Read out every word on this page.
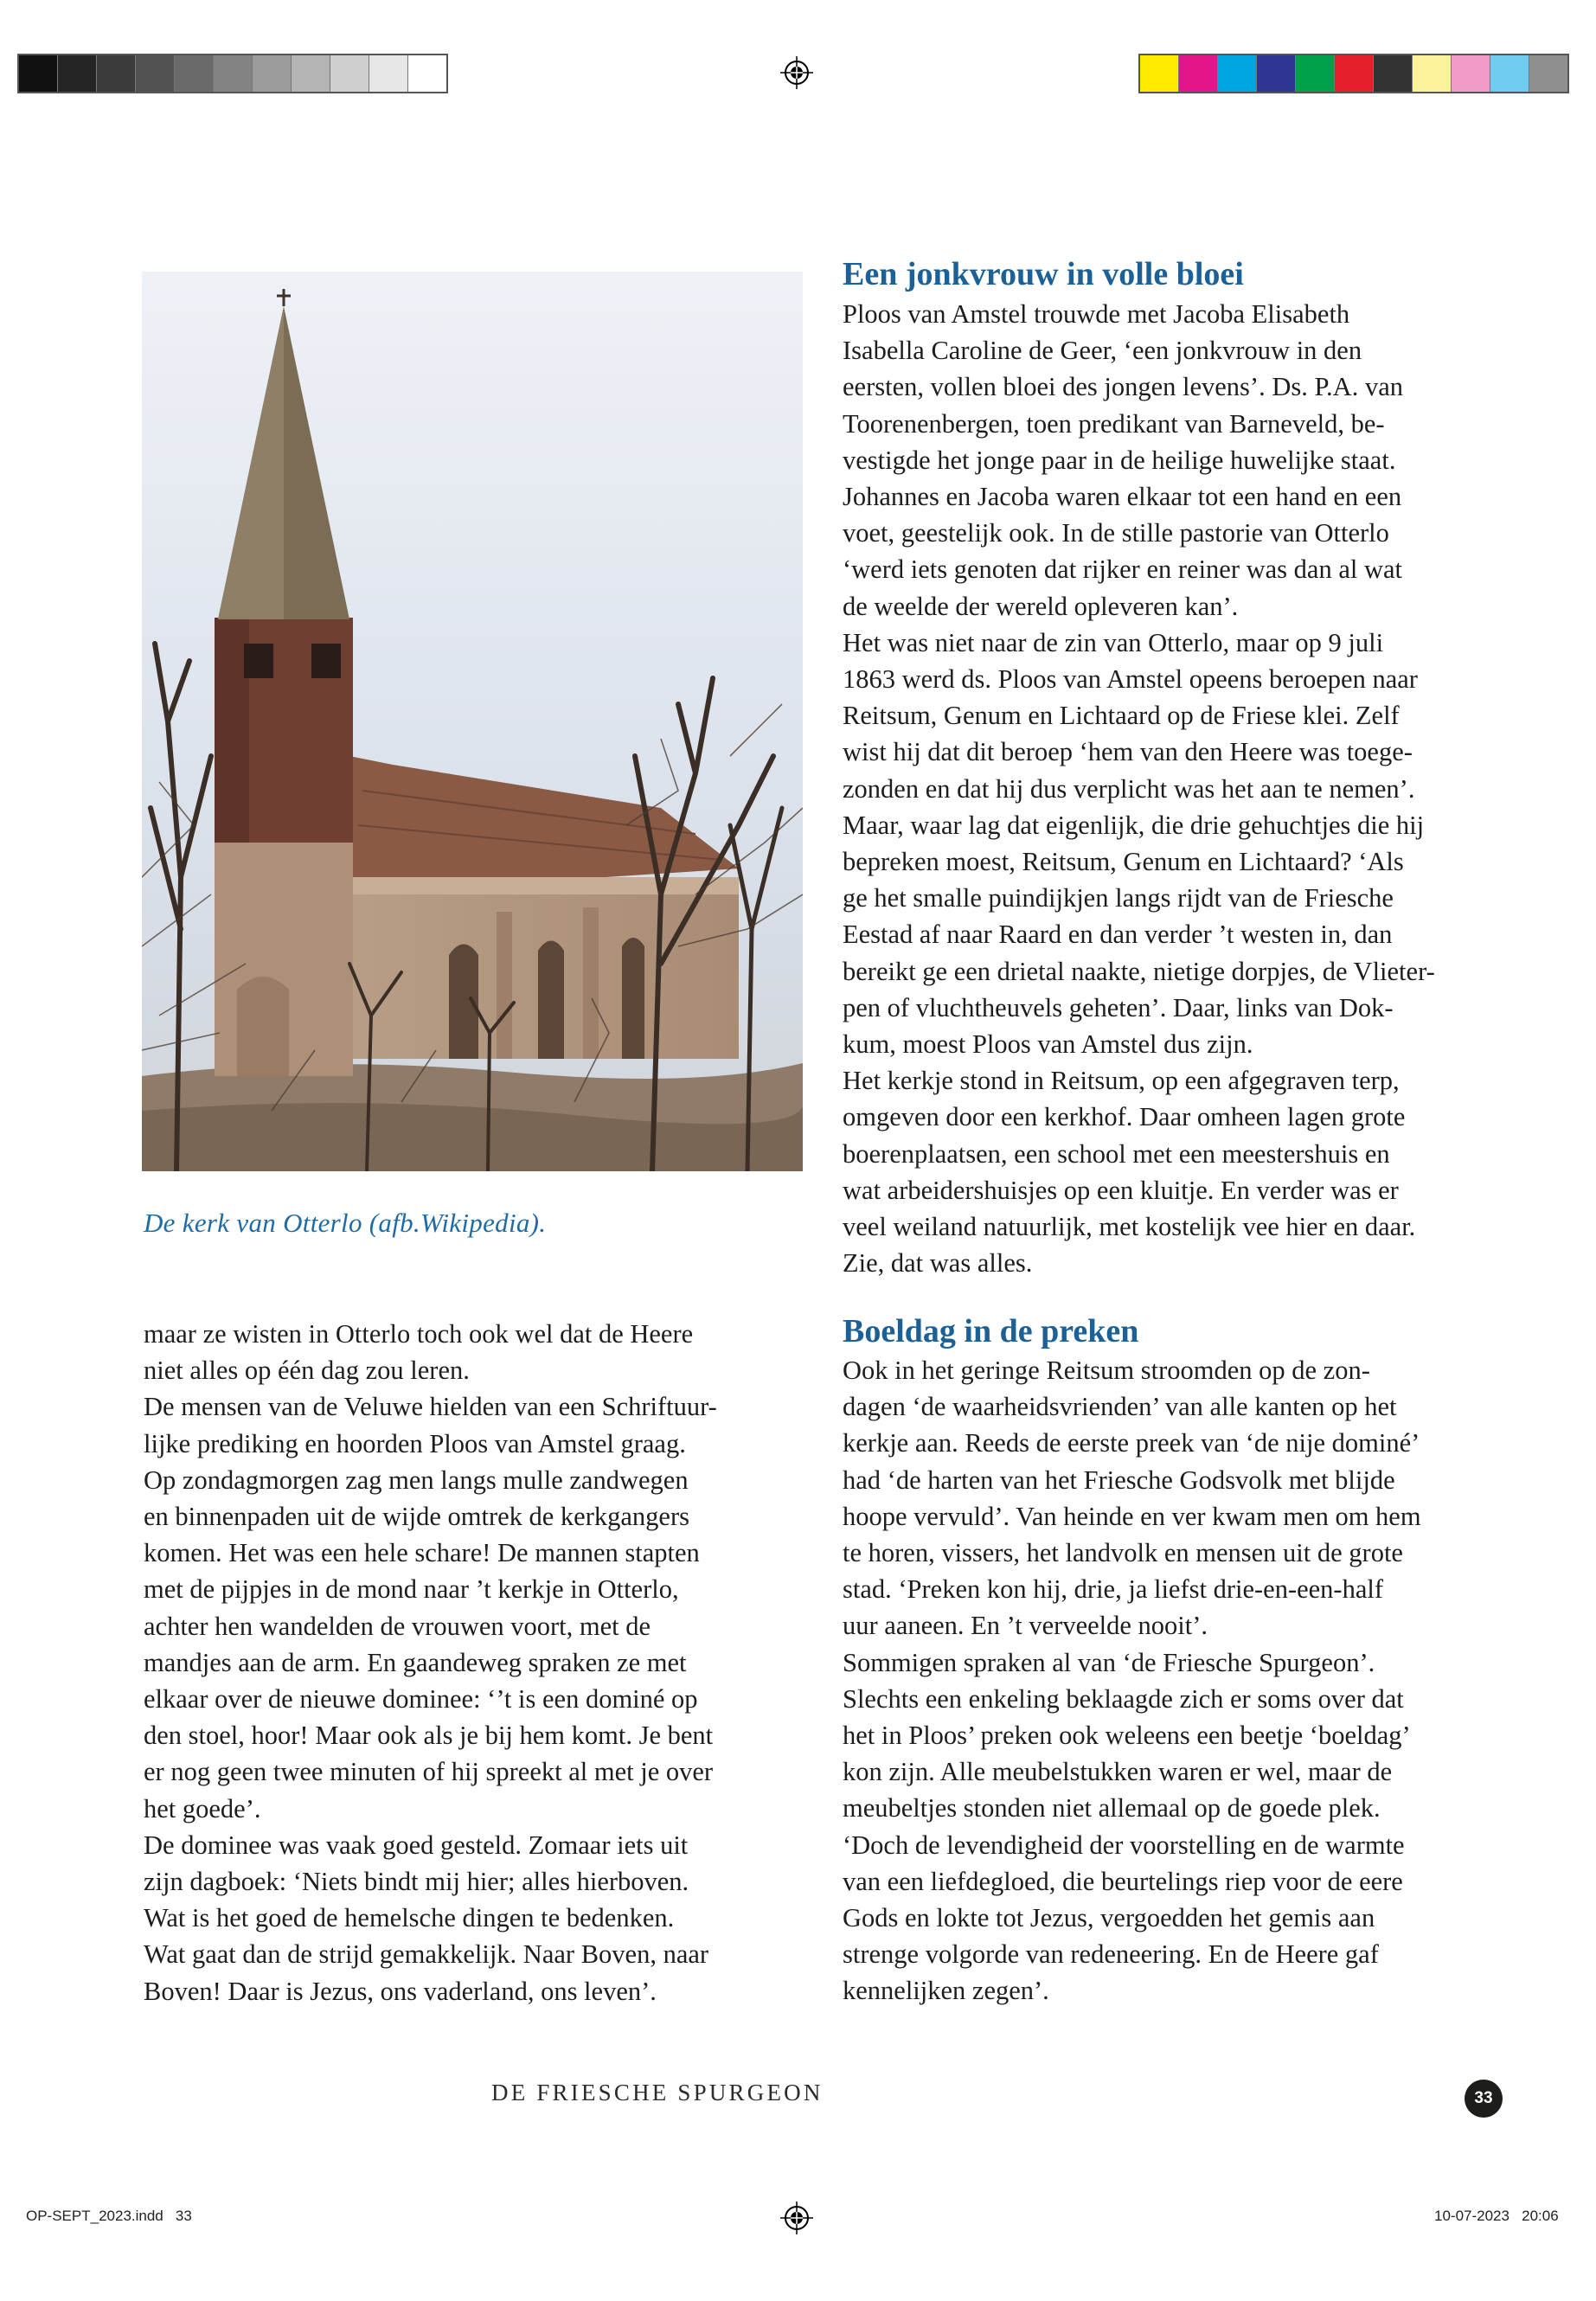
De kerk van Otterlo (afb.Wikipedia).

maar ze wisten in Otterlo toch ook wel dat de Heere

niet alles op één dag zou leren.

De mensen van de Veluwe hielden van een Schriftuur-

lijke prediking en hoorden Ploos van Amstel graag.

Op zondagmorgen zag men langs mulle zandwegen

en binnenpaden uit de wijde omtrek de kerkgangers

komen. Het was een hele schare! De mannen stapten

met de pijpjes in de mond naar ’t kerkje in Otterlo,

achter hen wandelden de vrouwen voort, met de

mandjes aan de arm. En gaandeweg spraken ze met

elkaar over de nieuwe dominee: ‘’t is een dominé op

den stoel, hoor! Maar ook als je bij hem komt. Je bent

er nog geen twee minuten of hij spreekt al met je over

het goede’.

De dominee was vaak goed gesteld. Zomaar iets uit

zijn dagboek: ‘Niets bindt mij hier; alles hierboven.

Wat is het goed de hemelsche dingen te bedenken.

Wat gaat dan de strijd gemakkelijk. Naar Boven, naar

Boven! Daar is Jezus, ons vaderland, ons leven’.

Een jonkvrouw in volle bloei

Ploos van Amstel trouwde met Jacoba Elisabeth

Isabella Caroline de Geer, ‘een jonkvrouw in den

eersten, vollen bloei des jongen levens’. Ds. P.A. van

Toorenenbergen, toen predikant van Barneveld, be-

vestigde het jonge paar in de heilige huwelijke staat.

Johannes en Jacoba waren elkaar tot een hand en een

voet, geestelijk ook. In de stille pastorie van Otterlo

‘werd iets genoten dat rijker en reiner was dan al wat

de weelde der wereld opleveren kan’.

Het was niet naar de zin van Otterlo, maar op 9 juli

1863 werd ds. Ploos van Amstel opeens beroepen naar

Reitsum, Genum en Lichtaard op de Friese klei. Zelf

wist hij dat dit beroep ‘hem van den Heere was toege-

zonden en dat hij dus verplicht was het aan te nemen’.

Maar, waar lag dat eigenlijk, die drie gehuchtjes die hij

bepreken moest, Reitsum, Genum en Lichtaard? ‘Als

ge het smalle puindijkjen langs rijdt van de Friesche

Eestad af naar Raard en dan verder ’t westen in, dan

bereikt ge een drietal naakte, nietige dorpjes, de Vlieter-

pen of vluchtheuvels geheten’. Daar, links van Dok-

kum, moest Ploos van Amstel dus zijn.

Het kerkje stond in Reitsum, op een afgegraven terp,

omgeven door een kerkhof. Daar omheen lagen grote

boerenplaatsen, een school met een meestershuis en

wat arbeidershuisjes op een kluitje. En verder was er

veel weiland natuurlijk, met kostelijk vee hier en daar.

Zie, dat was alles.

Boeldag in de preken

Ook in het geringe Reitsum stroomden op de zon-

dagen ‘de waarheidsvrienden’ van alle kanten op het

kerkje aan. Reeds de eerste preek van ‘de nije dominé’

had ‘de harten van het Friesche Godsvolk met blijde

hoope vervuld’. Van heinde en ver kwam men om hem

te horen, vissers, het landvolk en mensen uit de grote

stad. ‘Preken kon hij, drie, ja liefst drie-en-een-half

uur aaneen. En ’t verveelde nooit’.

Sommigen spraken al van ‘de Friesche Spurgeon’.

Slechts een enkeling beklaagde zich er soms over dat

het in Ploos’ preken ook weleens een beetje ‘boeldag’

kon zijn. Alle meubelstukken waren er wel, maar de

meubeltjes stonden niet allemaal op de goede plek.

‘Doch de levendigheid der voorstelling en de warmte

van een liefdegloed, die beurtelings riep voor de eere

Gods en lokte tot Jezus, vergoedden het gemis aan

strenge volgorde van redeneering. En de Heere gaf

kennelijken zegen’.

DE FRIESCHE SPURGEON	33
OP-SEPT_2023.indd   33	10-07-2023   20:06
